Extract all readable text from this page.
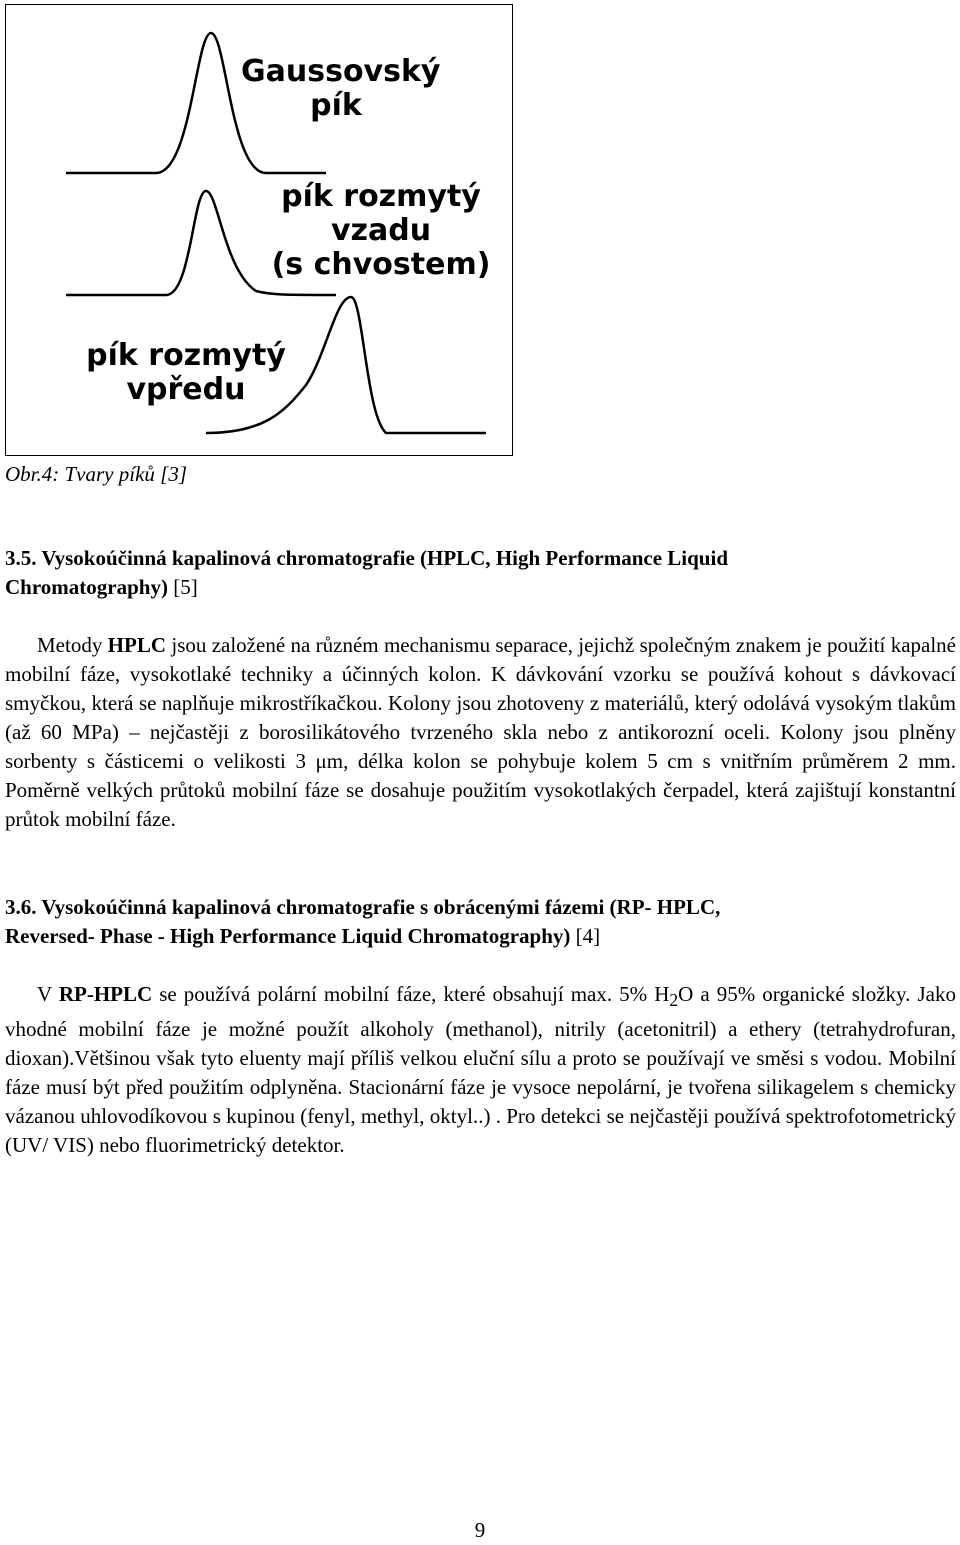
Gaussovský
pík
pík rozmytý
vzadu
(s chvostem)
pík rozmytý
vpředu
Obr.4: Tvary píků [3]
3.5. Vysokoúčinná kapalinová chromatografie (HPLC, High Performance Liquid
Chromatography) [5]

Metody HPLC jsou založené na různém mechanismu separace, jejichž společným znakem je použití kapalné mobilní fáze, vysokotlaké techniky a účinných kolon. K dávkování vzorku se používá kohout s dávkovací smyčkou, která se naplňuje mikrostříkačkou. Kolony jsou zhotoveny z materiálů, který odolává vysokým tlakům (až 60 MPa) – nejčastěji z borosilikátového tvrzeného skla nebo z antikorozní oceli. Kolony jsou plněny sorbenty s částicemi o velikosti 3 μm, délka kolon se pohybuje kolem 5 cm s vnitřním průměrem 2 mm. Poměrně velkých průtoků mobilní fáze se dosahuje použitím vysokotlakých čerpadel, která zajištují konstantní průtok mobilní fáze.

3.6. Vysokoúčinná kapalinová chromatografie s obrácenými fázemi (RP- HPLC,
Reversed- Phase - High Performance Liquid Chromatography) [4]

V RP-HPLC se používá polární mobilní fáze, které obsahují max. 5% $H_2O$ a 95% organické složky. Jako vhodné mobilní fáze je možné použít alkoholy (methanol), nitrily (acetonitril) a ethery (tetrahydrofuran, dioxan).Většinou však tyto eluenty mají příliš velkou eluční sílu a proto se používají ve směsi s vodou. Mobilní fáze musí být před použitím odplyněna. Stacionární fáze je vysoce nepolární, je tvořena silikagelem s chemicky vázanou uhlovodíkovou s kupinou (fenyl, methyl, oktyl..) . Pro detekci se nejčastěji používá spektrofotometrický (UV/ VIS) nebo fluorimetrický detektor.

9
